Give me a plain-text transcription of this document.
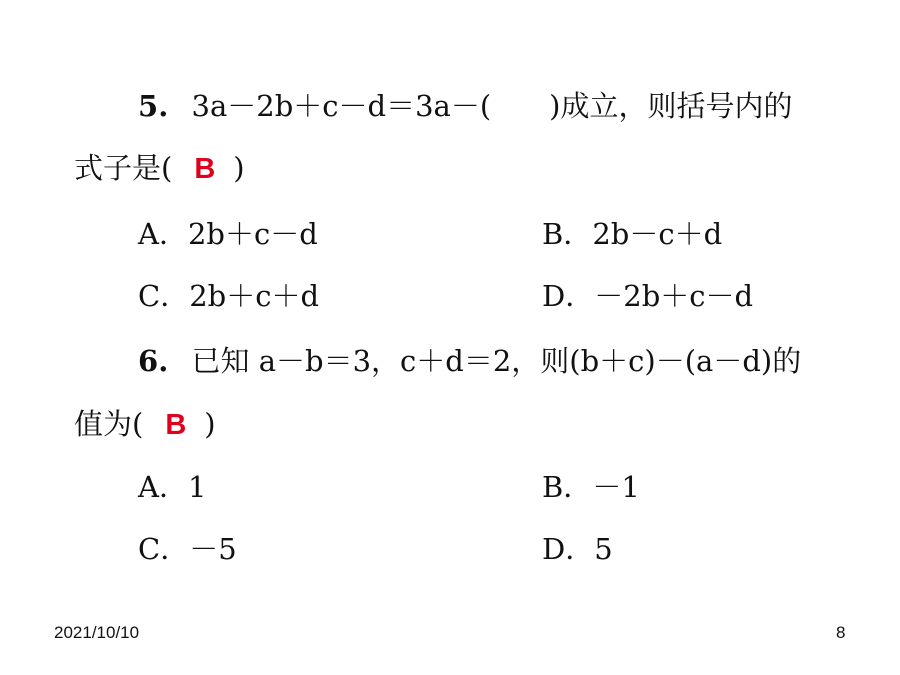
5. 3a－2b＋c－d＝3a－(　　)成立，则括号内的
式子是( B )
A．2b＋c－d	B．2b－c＋d
C．2b＋c＋d	D．－2b＋c－d
6. 已知 a－b＝3，c＋d＝2，则(b＋c)－(a－d)的
值为( B )
A．1	B．－1
C．－5	D．5
2021/10/10	8
